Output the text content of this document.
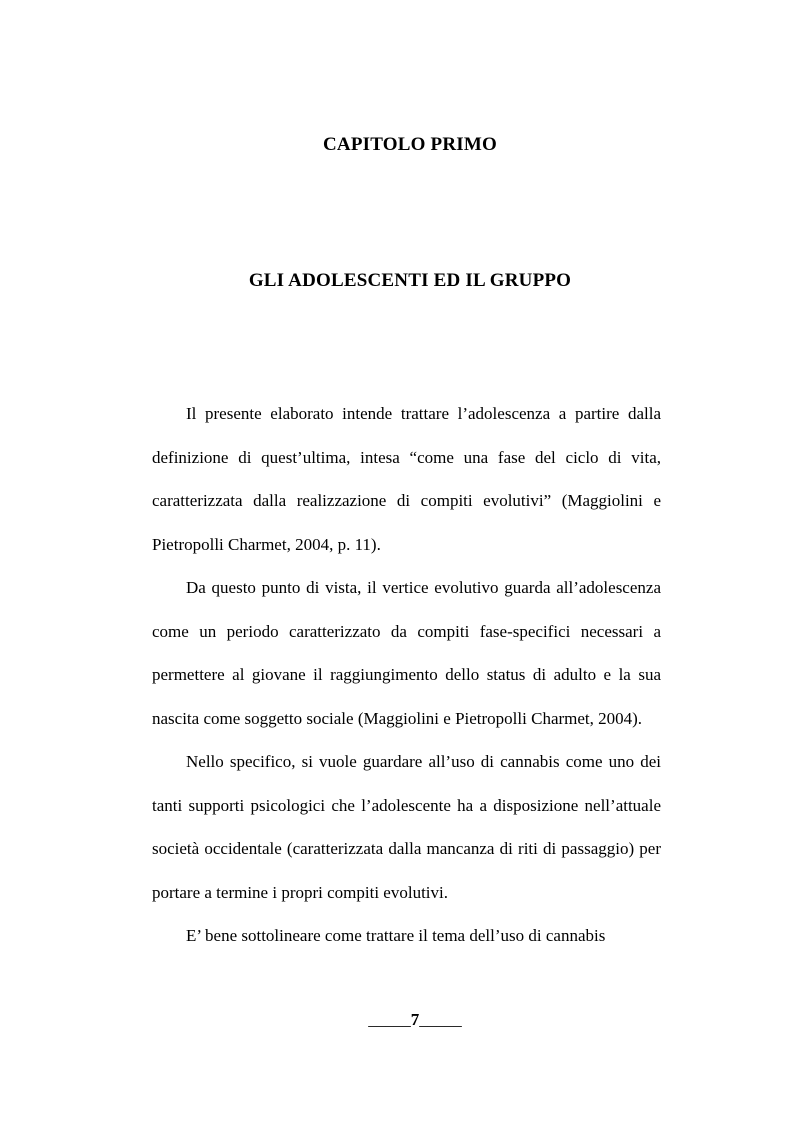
CAPITOLO PRIMO
GLI ADOLESCENTI ED IL GRUPPO

Il presente elaborato intende trattare l’adolescenza a partire dalla definizione di quest’ultima, intesa “come una fase del ciclo di vita, caratterizzata dalla realizzazione di compiti evolutivi” (Maggiolini e Pietropolli Charmet, 2004, p. 11).

Da questo punto di vista, il vertice evolutivo guarda all’adolescenza come un periodo caratterizzato da compiti fase-specifici necessari a permettere al giovane il raggiungimento dello status di adulto e la sua nascita come soggetto sociale (Maggiolini e Pietropolli Charmet, 2004).

Nello specifico, si vuole guardare all’uso di cannabis come uno dei tanti supporti psicologici che l’adolescente ha a disposizione nell’attuale società occidentale (caratterizzata dalla mancanza di riti di passaggio) per portare a termine i propri compiti evolutivi.

E’ bene sottolineare come trattare il tema dell’uso di cannabis

_____7_____
